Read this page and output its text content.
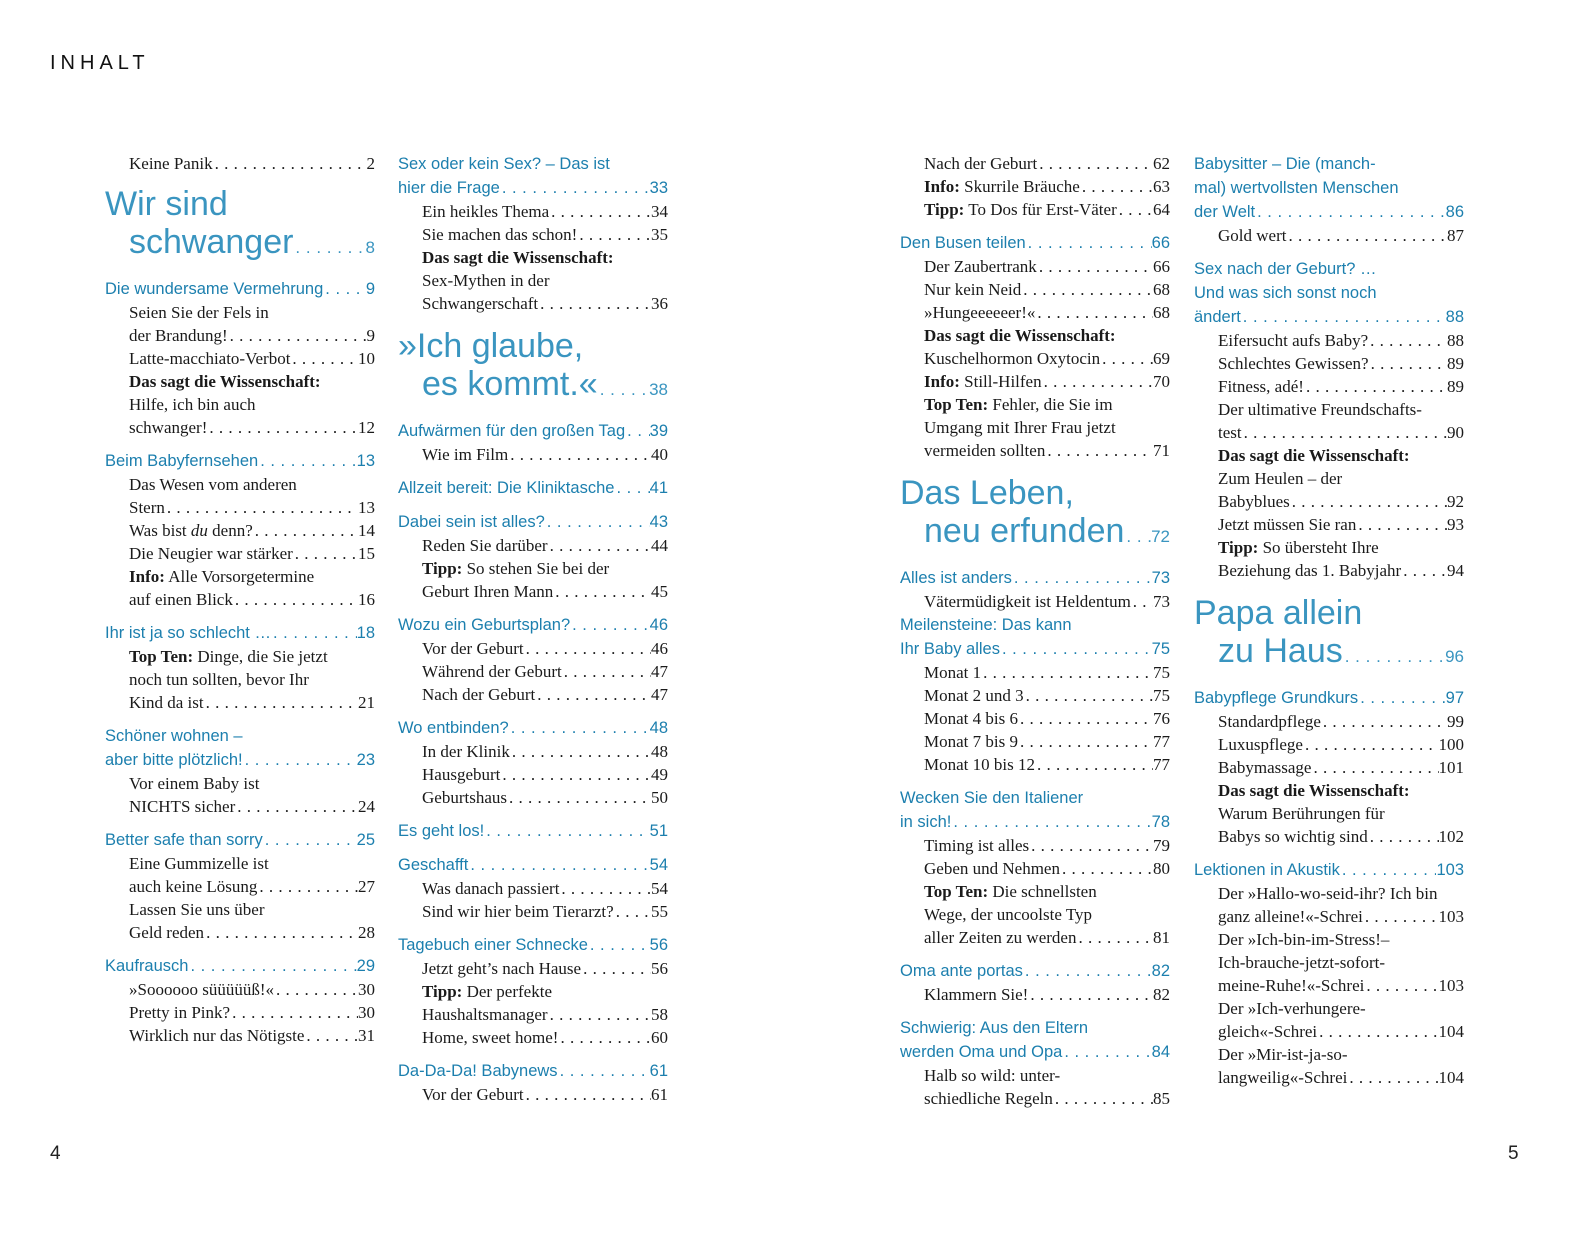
INHALT
Keine Panik . . .	2
Wir sind
schwanger . . .	8
Die wundersame Vermehrung . . .	9
Seien Sie der Fels in
der Brandung! . . .	9
Latte-macchiato-Verbot . . .	10
Das sagt die Wissenschaft:
Hilfe, ich bin auch
schwanger! . . .	12
Beim Babyfernsehen . . .	13
Das Wesen vom anderen
Stern . . .	13
Was bist du denn? . . .	14
Die Neugier war stärker . . .	15
Info: Alle Vorsorgetermine
auf einen Blick . . .	16
Ihr ist ja so schlecht … . . .	18
Top Ten: Dinge, die Sie jetzt
noch tun sollten, bevor Ihr
Kind da ist . . .	21
Schöner wohnen –
aber bitte plötzlich! . . .	23
Vor einem Baby ist
NICHTS sicher . . .	24
Better safe than sorry . . .	25
Eine Gummizelle ist
auch keine Lösung . . .	27
Lassen Sie uns über
Geld reden . . .	28
Kaufrausch . . .	29
»Soooooo süüüüüß!« . . .	30
Pretty in Pink? . . .	30
Wirklich nur das Nötigste . . .	31
Sex oder kein Sex? – Das ist
hier die Frage . . .	33
Ein heikles Thema . . .	34
Sie machen das schon! . . .	35
Das sagt die Wissenschaft:
Sex-Mythen in der
Schwangerschaft . . .	36
»Ich glaube,
es kommt.« . . .	38
Aufwärmen für den großen Tag . . . 39
Wie im Film . . .	40
Allzeit bereit: Die Kliniktasche . . . 41
Dabei sein ist alles? . . .	43
Reden Sie darüber . . .	44
Tipp: So stehen Sie bei der
Geburt Ihren Mann . . .	45
Wozu ein Geburtsplan? . . .	46
Vor der Geburt . . .	46
Während der Geburt . . .	47
Nach der Geburt . . .	47
Wo entbinden? . . .	48
In der Klinik . . .	48
Hausgeburt . . .	49
Geburtshaus . . .	50
Es geht los! . . .	51
Geschafft . . .	54
Was danach passiert . . .	54
Sind wir hier beim Tierarzt? . . . 55
Tagebuch einer Schnecke . . .	56
Jetzt geht’s nach Hause . . .	56
Tipp: Der perfekte
Haushaltsmanager . . .	58
Home, sweet home! . . .	60
Da-Da-Da! Babynews . . .	61
Vor der Geburt . . .	61
Nach der Geburt . . .	62
Info: Skurrile Bräuche . . .	63
Tipp: To Dos für Erst-Väter . . . 64
Den Busen teilen . . .	66
Der Zaubertrank . . .	66
Nur kein Neid . . .	68
»Hungeeeeeer!« . . .	68
Das sagt die Wissenschaft:
Kuschelhormon Oxytocin . . .	69
Info: Still-Hilfen . . .	70
Top Ten: Fehler, die Sie im
Umgang mit Ihrer Frau jetzt
vermeiden sollten . . .	71
Das Leben,
neu erfunden . . . 72
Alles ist anders . . .	73
Vätermüdigkeit ist Heldentum . . . 73
Meilensteine: Das kann
Ihr Baby alles . . .	75
Monat 1 . . .	75
Monat 2 und 3 . . .	75
Monat 4 bis 6 . . .	76
Monat 7 bis 9 . . .	77
Monat 10 bis 12 . . .	77
Wecken Sie den Italiener
in sich! . . .	78
Timing ist alles . . .	79
Geben und Nehmen . . .	80
Top Ten: Die schnellsten
Wege, der uncoolste Typ
aller Zeiten zu werden . . .	81
Oma ante portas . . .	82
Klammern Sie! . . .	82
Schwierig: Aus den Eltern
werden Oma und Opa . . .	84
Halb so wild: unter-
schiedliche Regeln . . .	85
Babysitter – Die (manch-
mal) wertvollsten Menschen
der Welt . . .	86
Gold wert . . .	87
Sex nach der Geburt? …
Und was sich sonst noch
ändert . . .	88
Eifersucht aufs Baby? . . .	88
Schlechtes Gewissen? . . .	89
Fitness, adé! . . .	89
Der ultimative Freundschafts-
test . . .	90
Das sagt die Wissenschaft:
Zum Heulen – der
Babyblues . . .	92
Jetzt müssen Sie ran . . .	93
Tipp: So übersteht Ihre
Beziehung das 1. Babyjahr . . .	94
Papa allein
zu Haus . . .	96
Babypflege Grundkurs . . .	97
Standardpflege . . .	99
Luxuspflege . . .	100
Babymassage . . .	101
Das sagt die Wissenschaft:
Warum Berührungen für
Babys so wichtig sind . . .	102
Lektionen in Akustik . . .	103
Der »Hallo-wo-seid-ihr? Ich bin
ganz alleine!«-Schrei . . .	103
Der »Ich-bin-im-Stress!–
Ich-brauche-jetzt-sofort-
meine-Ruhe!«-Schrei . . .	103
Der »Ich-verhungere-
gleich«-Schrei . . .	104
Der »Mir-ist-ja-so-
langweilig«-Schrei . . .	104
4	5
